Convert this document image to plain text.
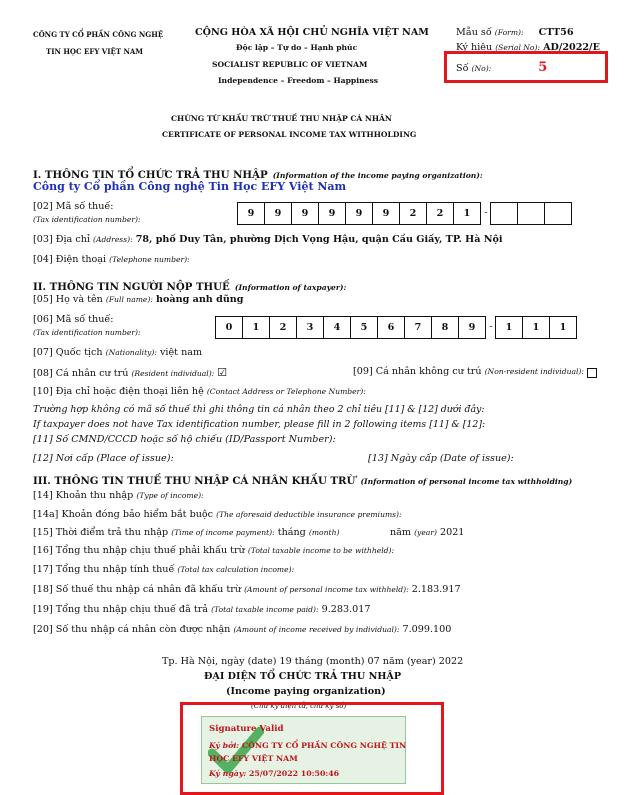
CÔNG TY CỔ PHẦN CÔNG NGHỆ
TIN HỌC EFY VIỆT NAM
CỘNG HÒA XÃ HỘI CHỦ NGHĨA VIỆT NAM
Độc lập – Tự do – Hạnh phúc
SOCIALIST REPUBLIC OF VIETNAM
Independence – Freedom – Happiness
Mẫu số (Form): CTT56
Ký hiệu (Serial No): AD/2022/E
Số (No):	5
CHỨNG TỪ KHẤU TRỪ THUẾ THU NHẬP CÁ NHÂN
CERTIFICATE OF PERSONAL INCOME TAX WITHHOLDING
I. THÔNG TIN TỔ CHỨC TRẢ THU NHẬP (Information of the income paying organization):
Công ty Cổ phần Công nghệ Tin Học EFY Việt Nam
[02] Mã số thuế:
(Tax identification number):
9	9	9	9	9	9	2	2	1	-
[03] Địa chỉ (Address): 78, phố Duy Tân, phường Dịch Vọng Hậu, quận Cầu Giấy, TP. Hà Nội
[04] Điện thoại (Telephone number):
II. THÔNG TIN NGƯỜI NỘP THUẾ (Information of taxpayer):
[05] Họ và tên (Full name): hoàng anh dũng
[06] Mã số thuế:
(Tax identification number):	0	1	2	3	4	5	6	7	8	9	-	1	1	1
[07] Quốc tịch (Nationality): việt nam
[08] Cá nhân cư trú (Resident individual): ☑	[09] Cá nhân không cư trú (Non-resident individual):
[10] Địa chỉ hoặc điện thoại liên hệ (Contact Address or Telephone Number):
Trường hợp không có mã số thuế thì ghi thông tin cá nhân theo 2 chỉ tiêu [11] & [12] dưới đây:
If taxpayer does not have Tax identification number, please fill in 2 following items [11] & [12]:
[11] Số CMND/CCCD hoặc số hộ chiếu (ID/Passport Number):
[12] Nơi cấp (Place of issue):	[13] Ngày cấp (Date of issue):
III. THÔNG TIN THUẾ THU NHẬP CÁ NHÂN KHẤU TRỪ (Information of personal income tax withholding)
[14] Khoản thu nhập (Type of income):
[14a] Khoản đóng bảo hiểm bắt buộc (The aforesaid deductible insurance premiums):
[15] Thời điểm trả thu nhập (Time of income payment): tháng (month)	năm (year) 2021
[16] Tổng thu nhập chịu thuế phải khấu trừ (Total taxable income to be withheld):
[17] Tổng thu nhập tính thuế (Total tax calculation income):
[18] Số thuế thu nhập cá nhân đã khấu trừ (Amount of personal income tax withheld): 2.183.917
[19] Tổng thu nhập chịu thuế đã trả (Total taxable income paid): 9.283.017
[20] Số thu nhập cá nhân còn được nhận (Amount of income received by individual): 7.099.100
Tp. Hà Nội, ngày (date) 19 tháng (month) 07 năm (year) 2022
ĐẠI DIỆN TỔ CHỨC TRẢ THU NHẬP
(Income paying organization)
(Chữ ký điện tử, chữ ký số)
Signature Valid
Ký bởi: CÔNG TY CỔ PHẦN CÔNG NGHỆ TIN
HỌC EFY VIỆT NAM
Ký ngày: 25/07/2022 10:50:46
